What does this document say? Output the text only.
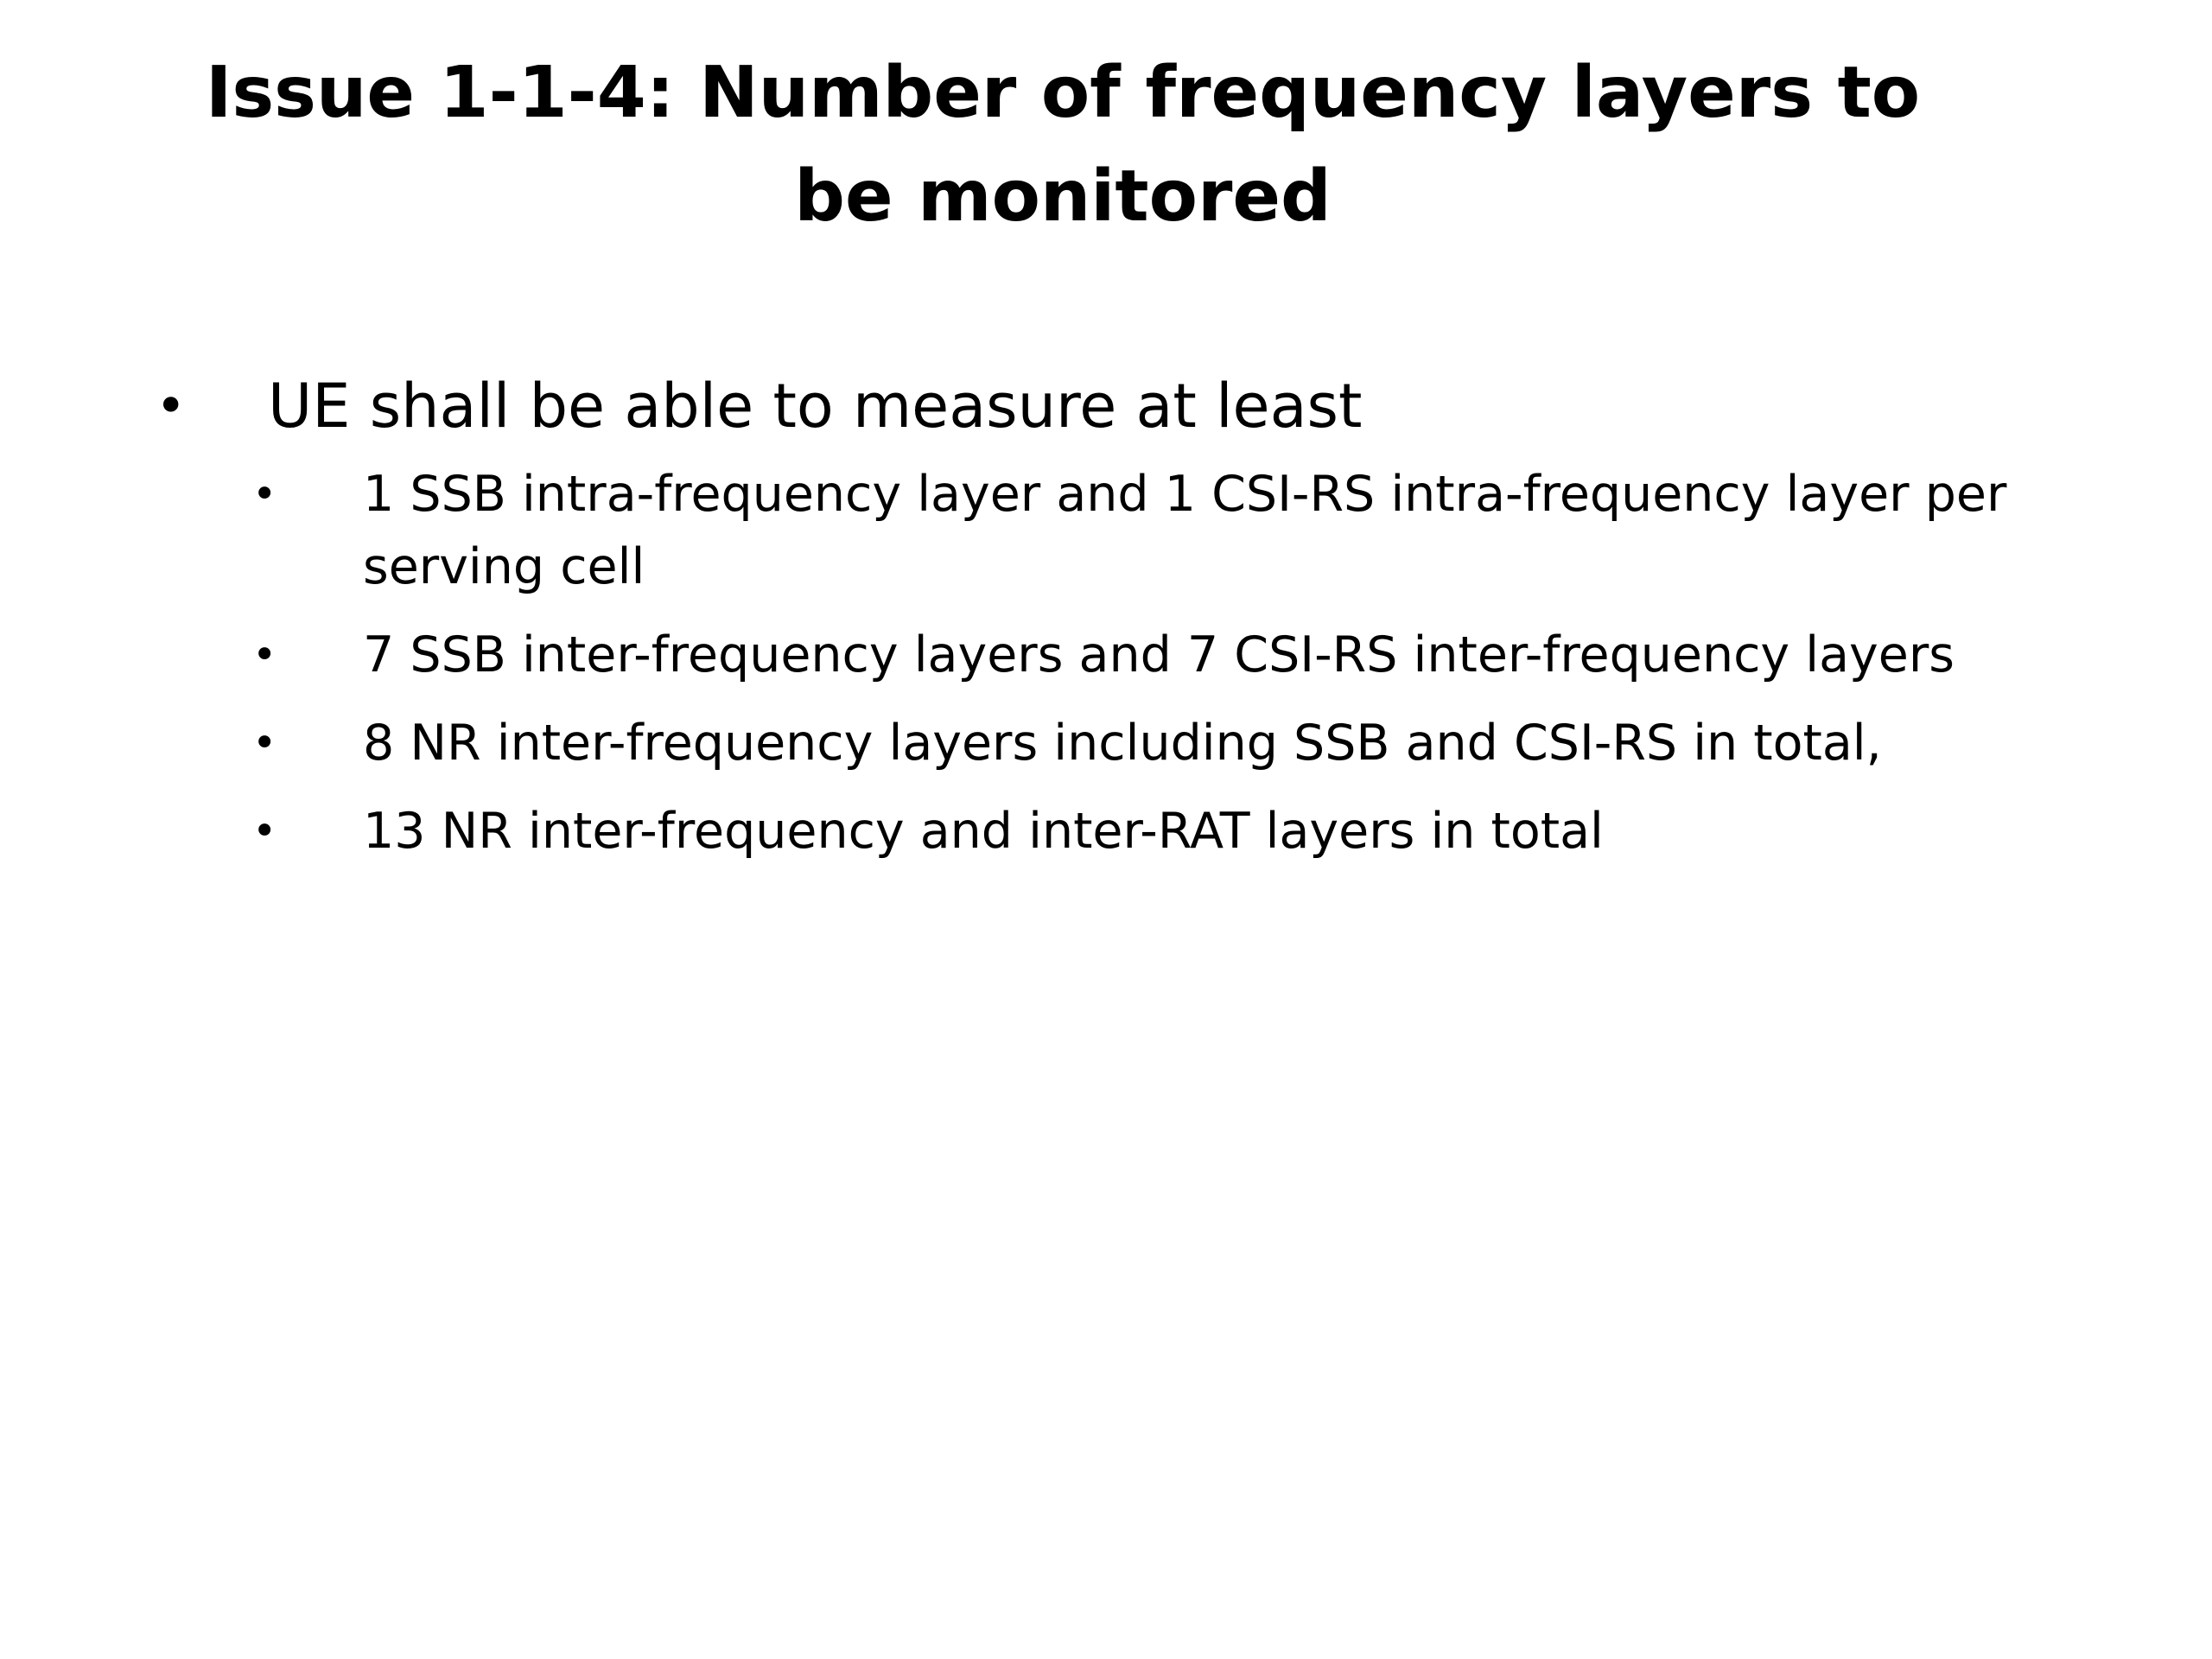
Issue 1-1-4: Number of frequency layers to be monitored
• UE shall be able to measure at least
• 1 SSB intra-frequency layer and 1 CSI-RS intra-frequency layer per serving cell
• 7 SSB inter-frequency layers and 7 CSI-RS inter-frequency layers
• 8 NR inter-frequency layers including SSB and CSI-RS in total,
• 13 NR inter-frequency and inter-RAT layers in total
